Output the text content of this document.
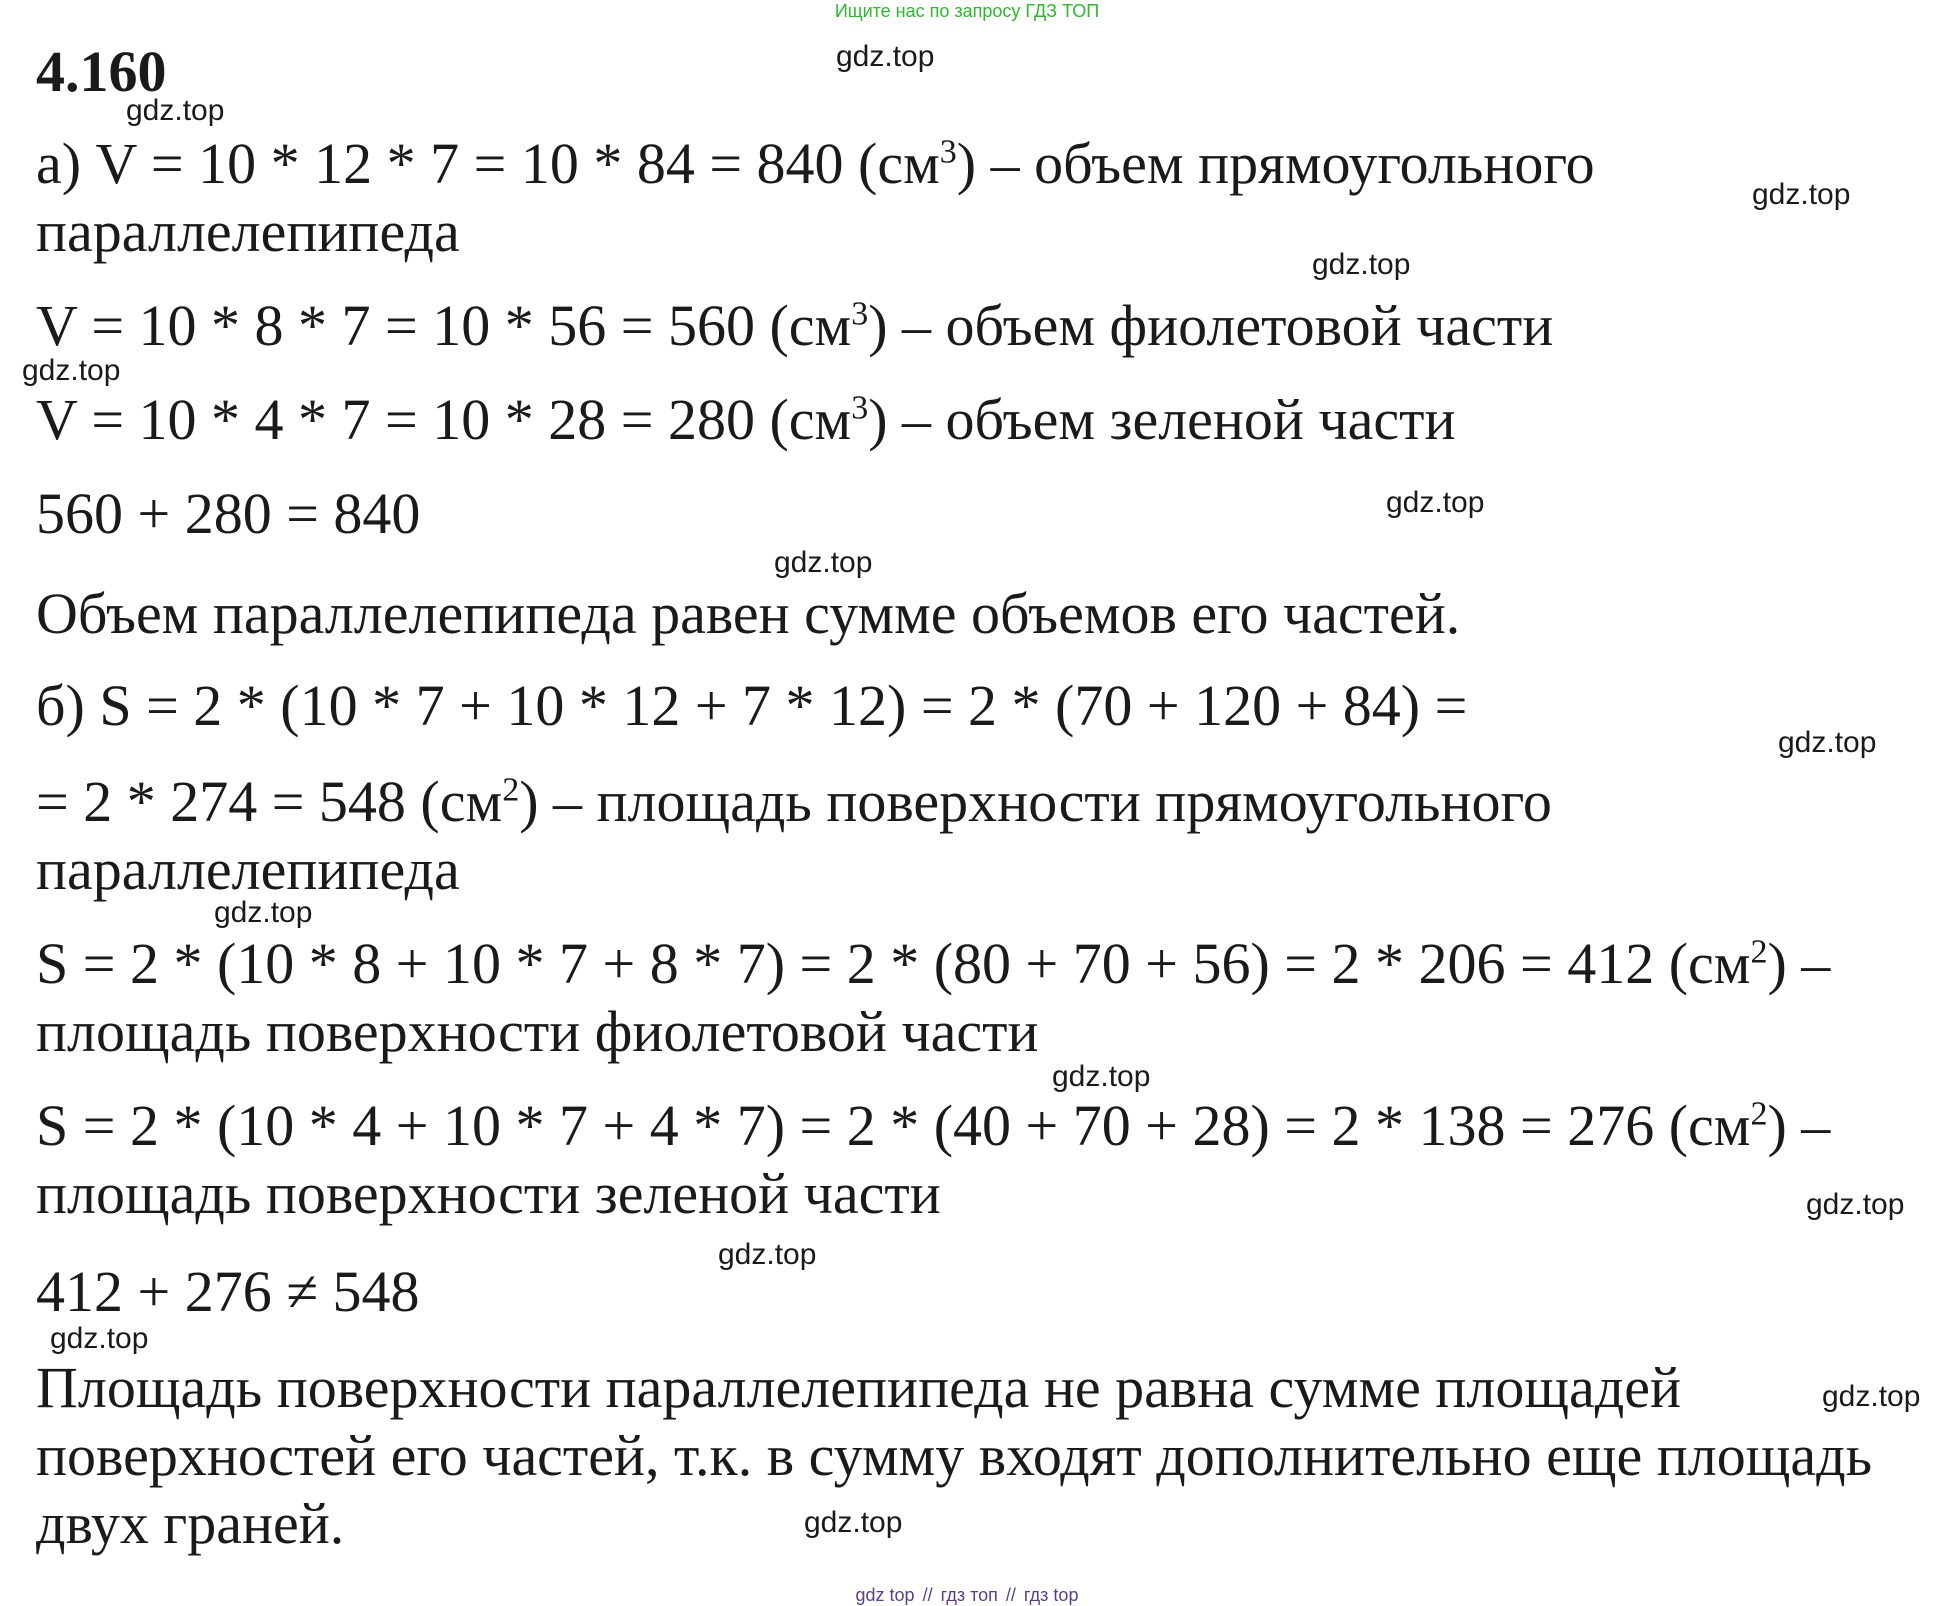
Ищите нас по запросу ГДЗ ТОП
4.160
а) V = 10 * 12 * 7 = 10 * 84 = 840 $(см^3)$ – объем прямоугольного
параллелепипеда
V = 10 * 8 * 7 = 10 * 56 = 560 $(см^3)$ – объем фиолетовой части
V = 10 * 4 * 7 = 10 * 28 = 280 $(см^3)$ – объем зеленой части
560 + 280 = 840
Объем параллелепипеда равен сумме объемов его частей.
б) S = 2 * (10 * 7 + 10 * 12 + 7 * 12) = 2 * (70 + 120 + 84) =
= 2 * 274 = 548 $(см^2)$ – площадь поверхности прямоугольного
параллелепипеда
S = 2 * (10 * 8 + 10 * 7 + 8 * 7) = 2 * (80 + 70 + 56) = 2 * 206 = 412 $(см^2)$ –
площадь поверхности фиолетовой части
S = 2 * (10 * 4 + 10 * 7 + 4 * 7) = 2 * (40 + 70 + 28) = 2 * 138 = 276 $(см^2)$ –
площадь поверхности зеленой части
412 + 276 ≠ 548
Площадь поверхности параллелепипеда не равна сумме площадей
поверхностей его частей, т.к. в сумму входят дополнительно еще площадь
двух граней.
gdz.top
gdz.top
gdz.top
gdz.top
gdz.top
gdz.top
gdz.top
gdz.top
gdz.top
gdz.top
gdz.top
gdz.top
gdz.top
gdz.top
gdz.top
gdz top // гдз топ // гдз top
